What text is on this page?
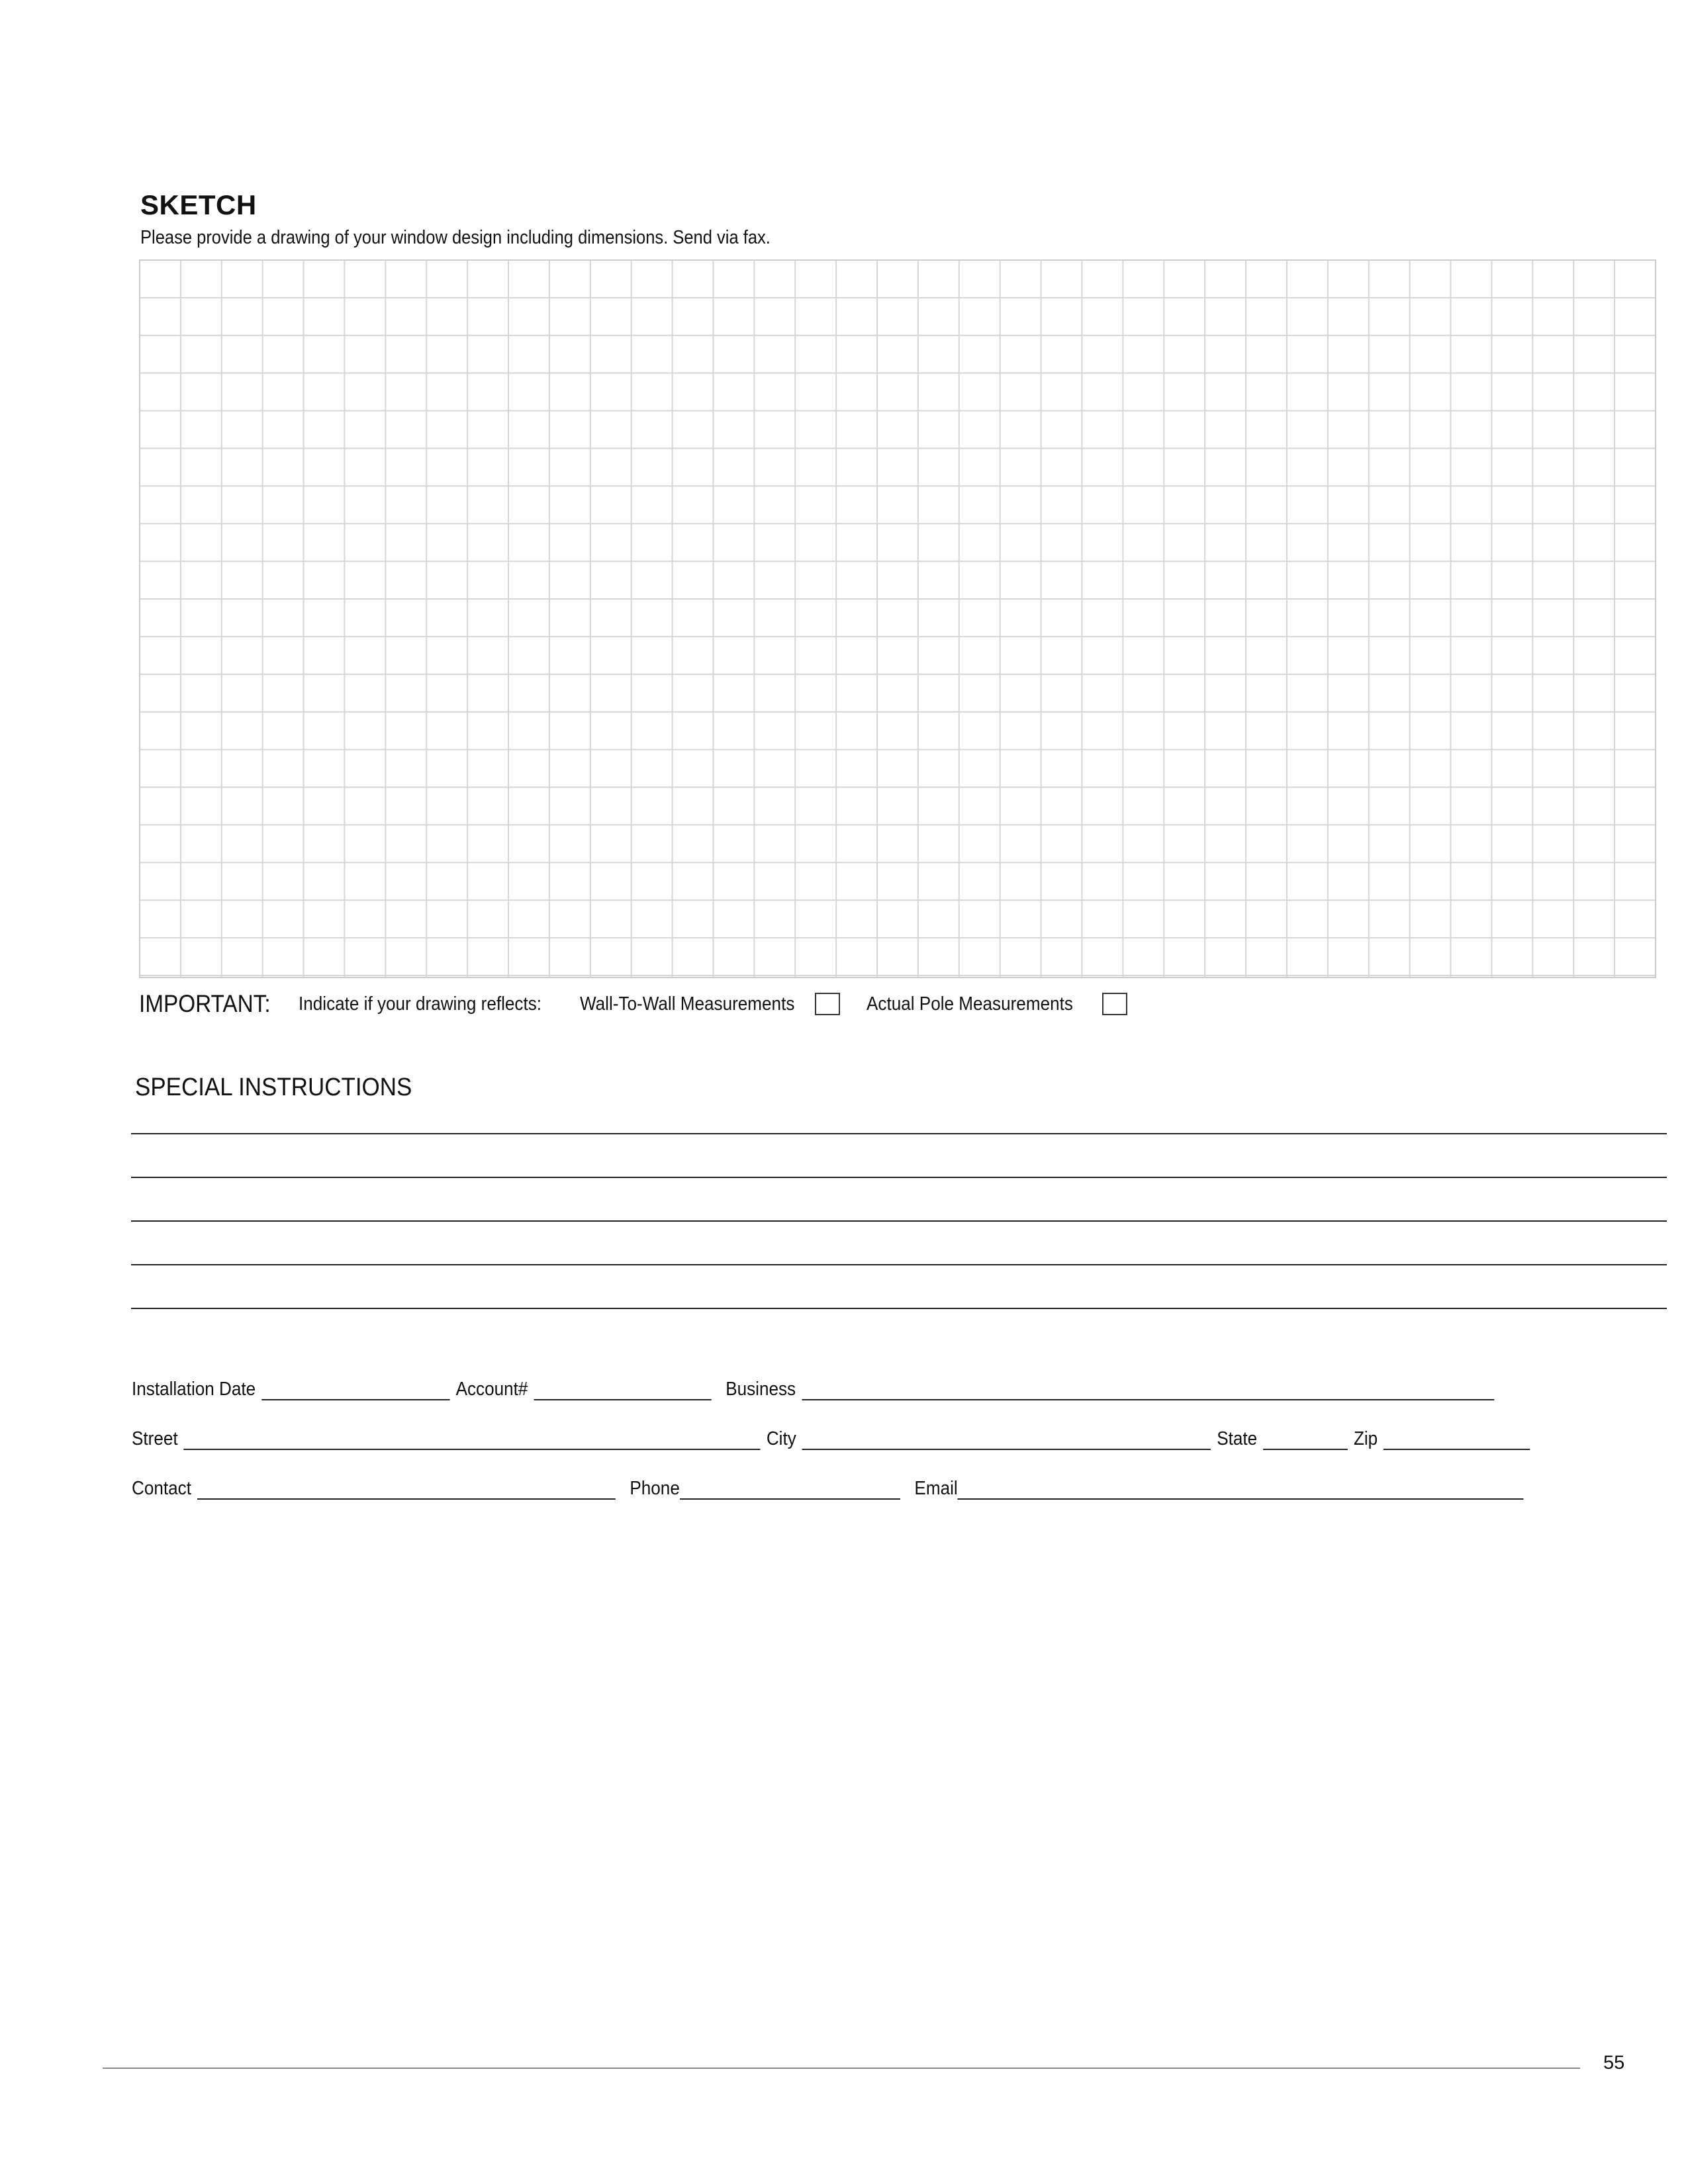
SKETCH
Please provide a drawing of your window design including dimensions. Send via fax.
IMPORTANT: Indicate if your drawing reflects: Wall-To-Wall Measurements	Actual Pole Measurements
SPECIAL INSTRUCTIONS
Installation Date	Account#	Business
Street	City	State	Zip
Contact	Phone	Email
55
